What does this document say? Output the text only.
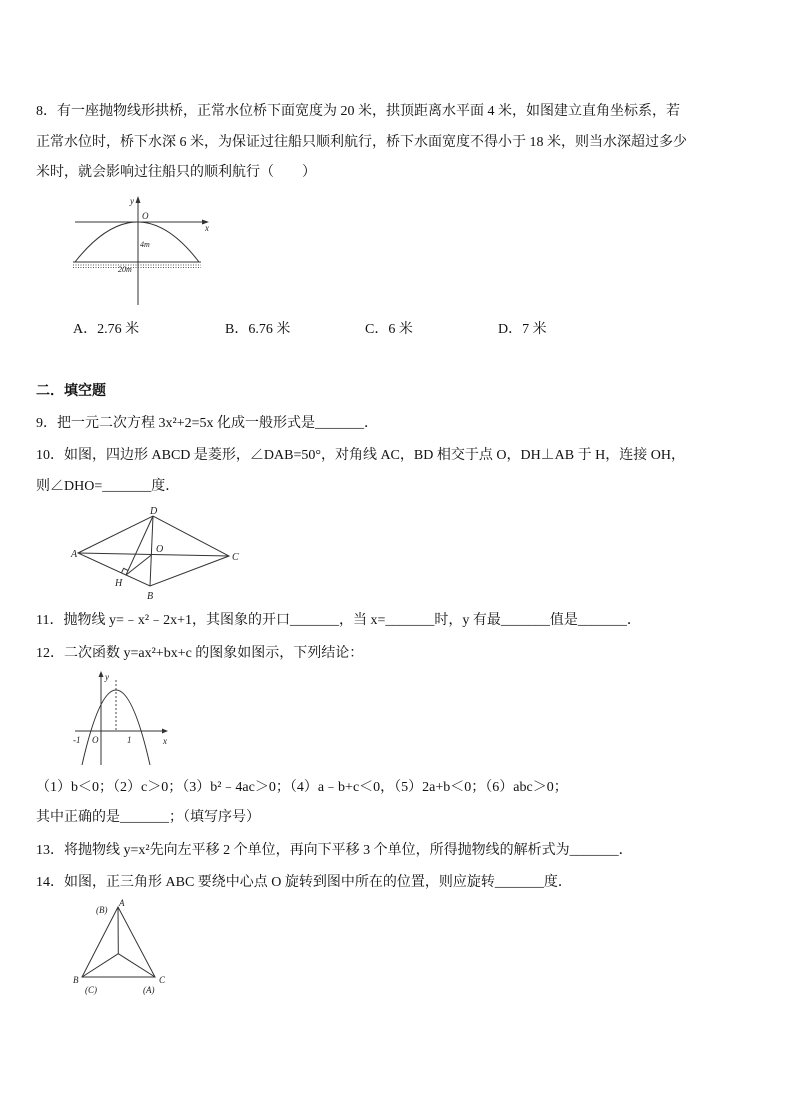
8．有一座抛物线形拱桥，正常水位桥下面宽度为 20 米，拱顶距离水平面 4 米，如图建立直角坐标系，若
正常水位时，桥下水深 6 米，为保证过往船只顺利航行，桥下水面宽度不得小于 18 米，则当水深超过多少
米时，就会影响过往船只的顺利航行（　　）
y
O
x
4m
20m
A．2.76 米	B．6.76 米	C．6 米	D．7 米
二．填空题
9．把一元二次方程 3x²+2=5x 化成一般形式是_______．
10．如图，四边形 ABCD 是菱形，∠DAB=50°，对角线 AC，BD 相交于点 O，DH⊥AB 于 H，连接 OH，
则∠DHO=_______度．
A
D
C
B
O
H
11．抛物线 y=﹣x²﹣2x+1，其图象的开口_______，当 x=_______时，y 有最_______值是_______．
12．二次函数 y=ax²+bx+c 的图象如图示，下列结论：
y
x
-1 O	1
（1）b＜0；（2）c＞0；（3）b²﹣4ac＞0；（4）a﹣b+c＜0，（5）2a+b＜0；（6）abc＞0；
其中正确的是_______；（填写序号）
13．将抛物线 y=x²先向左平移 2 个单位，再向下平移 3 个单位，所得抛物线的解析式为_______．
14．如图，正三角形 ABC 要绕中心点 O 旋转到图中所在的位置，则应旋转_______度．
(B)
A
B
(C)
C
(A)
